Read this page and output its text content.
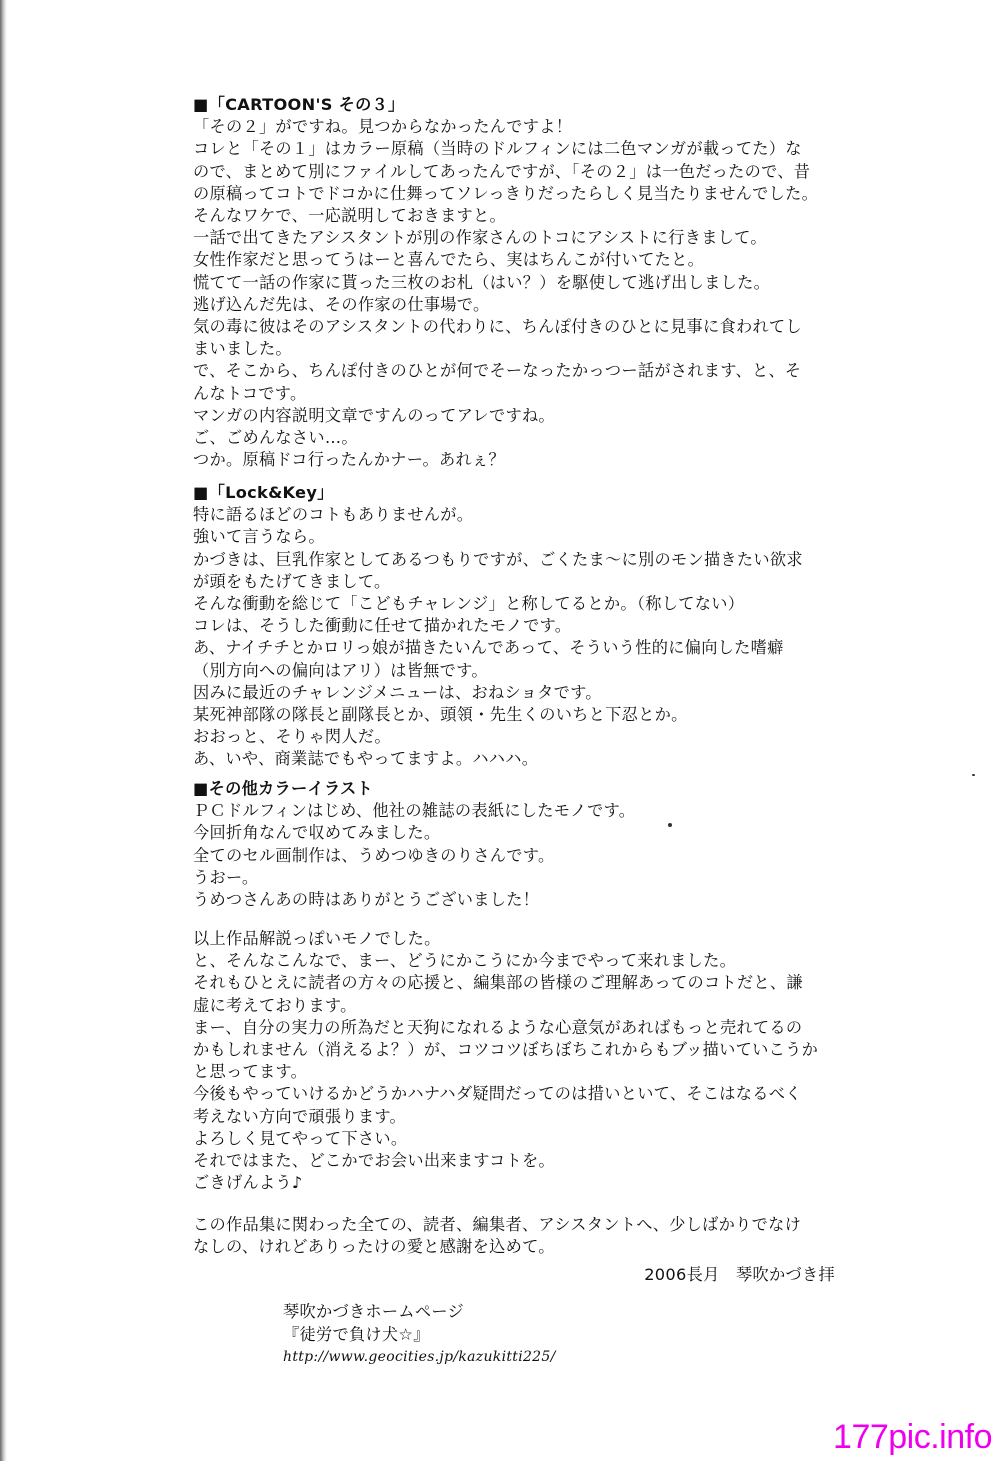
■「CARTOON'S その３」
「その２」がですね。見つからなかったんですよ！
コレと「その１」はカラー原稿（当時のドルフィンには二色マンガが載ってた）な
ので、まとめて別にファイルしてあったんですが、「その２」は一色だったので、昔
の原稿ってコトでドコかに仕舞ってソレっきりだったらしく見当たりませんでした。
そんなワケで、一応説明しておきますと。
一話で出てきたアシスタントが別の作家さんのトコにアシストに行きまして。
女性作家だと思ってうはーと喜んでたら、実はちんこが付いてたと。
慌てて一話の作家に貰った三枚のお札（はい？）を駆使して逃げ出しました。
逃げ込んだ先は、その作家の仕事場で。
気の毒に彼はそのアシスタントの代わりに、ちんぽ付きのひとに見事に食われてし
まいました。
で、そこから、ちんぽ付きのひとが何でそーなったかっつー話がされます、と、そ
んなトコです。
マンガの内容説明文章ですんのってアレですね。
ご、ごめんなさい…。
つか。原稿ドコ行ったんかナー。あれぇ？
■「Lock&Key」
特に語るほどのコトもありませんが。
強いて言うなら。
かづきは、巨乳作家としてあるつもりですが、ごくたま～に別のモン描きたい欲求
が頭をもたげてきまして。
そんな衝動を総じて「こどもチャレンジ」と称してるとか。（称してない）
コレは、そうした衝動に任せて描かれたモノです。
あ、ナイチチとかロリっ娘が描きたいんであって、そういう性的に偏向した嗜癖
（別方向への偏向はアリ）は皆無です。
因みに最近のチャレンジメニューは、おねショタです。
某死神部隊の隊長と副隊長とか、頭領・先生くのいちと下忍とか。
おおっと、そりゃ閃人だ。
あ、いや、商業誌でもやってますよ。ハハハ。
■その他カラーイラスト
ＰＣドルフィンはじめ、他社の雑誌の表紙にしたモノです。
今回折角なんで収めてみました。
全てのセル画制作は、うめつゆきのりさんです。
うおー。
うめつさんあの時はありがとうございました！
以上作品解説っぽいモノでした。
と、そんなこんなで、まー、どうにかこうにか今までやって来れました。
それもひとえに読者の方々の応援と、編集部の皆様のご理解あってのコトだと、謙
虚に考えております。
まー、自分の実力の所為だと天狗になれるような心意気があればもっと売れてるの
かもしれません（消えるよ？）が、コツコツぼちぼちこれからもブッ描いていこうか
と思ってます。
今後もやっていけるかどうかハナハダ疑問だってのは措いといて、そこはなるべく
考えない方向で頑張ります。
よろしく見てやって下さい。
それではまた、どこかでお会い出来ますコトを。
ごきげんよう♪
この作品集に関わった全ての、読者、編集者、アシスタントへ、少しばかりでなけ
なしの、けれどありったけの愛と感謝を込めて。
2006長月　琴吹かづき拝
琴吹かづきホームページ
『徒労で負け犬☆』
http://www.geocities.jp/kazukitti225/
177pic.info
